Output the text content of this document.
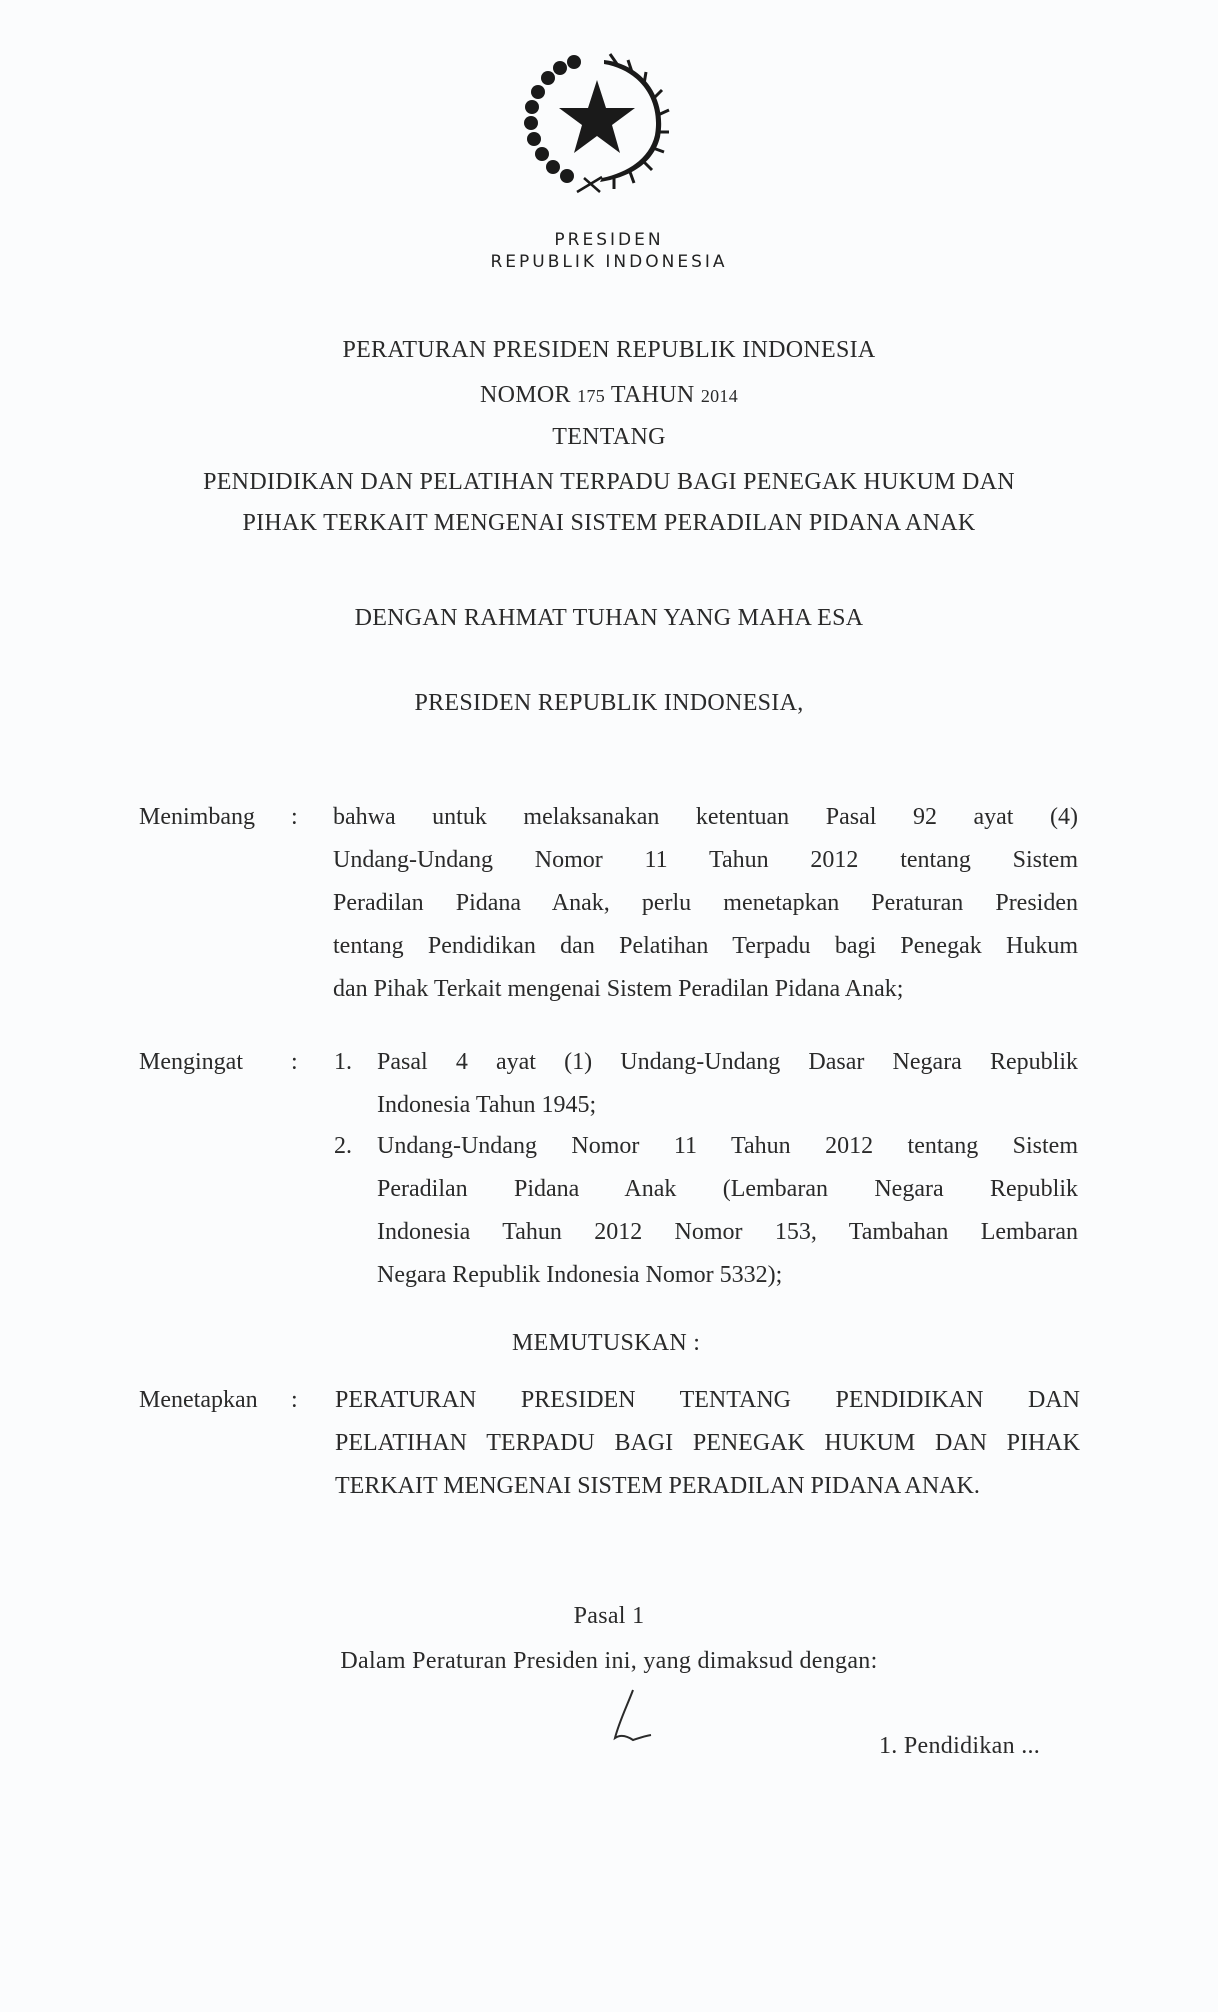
PRESIDEN
REPUBLIK INDONESIA
PERATURAN PRESIDEN REPUBLIK INDONESIA
NOMOR 175 TAHUN 2014
TENTANG
PENDIDIKAN DAN PELATIHAN TERPADU BAGI PENEGAK HUKUM DAN
PIHAK TERKAIT MENGENAI SISTEM PERADILAN PIDANA ANAK
DENGAN RAHMAT TUHAN YANG MAHA ESA
PRESIDEN REPUBLIK INDONESIA,
Menimbang : bahwa untuk melaksanakan ketentuan Pasal 92 ayat (4)
Undang-Undang Nomor 11 Tahun 2012 tentang Sistem
Peradilan Pidana Anak, perlu menetapkan Peraturan Presiden
tentang Pendidikan dan Pelatihan Terpadu bagi Penegak Hukum
dan Pihak Terkait mengenai Sistem Peradilan Pidana Anak;
Mengingat : 1. Pasal 4 ayat (1) Undang-Undang Dasar Negara Republik
Indonesia Tahun 1945;
2. Undang-Undang Nomor 11 Tahun 2012 tentang Sistem
Peradilan Pidana Anak (Lembaran Negara Republik
Indonesia Tahun 2012 Nomor 153, Tambahan Lembaran
Negara Republik Indonesia Nomor 5332);
MEMUTUSKAN :
Menetapkan : PERATURAN PRESIDEN TENTANG PENDIDIKAN DAN
PELATIHAN TERPADU BAGI PENEGAK HUKUM DAN PIHAK
TERKAIT MENGENAI SISTEM PERADILAN PIDANA ANAK.
Pasal 1
Dalam Peraturan Presiden ini, yang dimaksud dengan:
1. Pendidikan ...
